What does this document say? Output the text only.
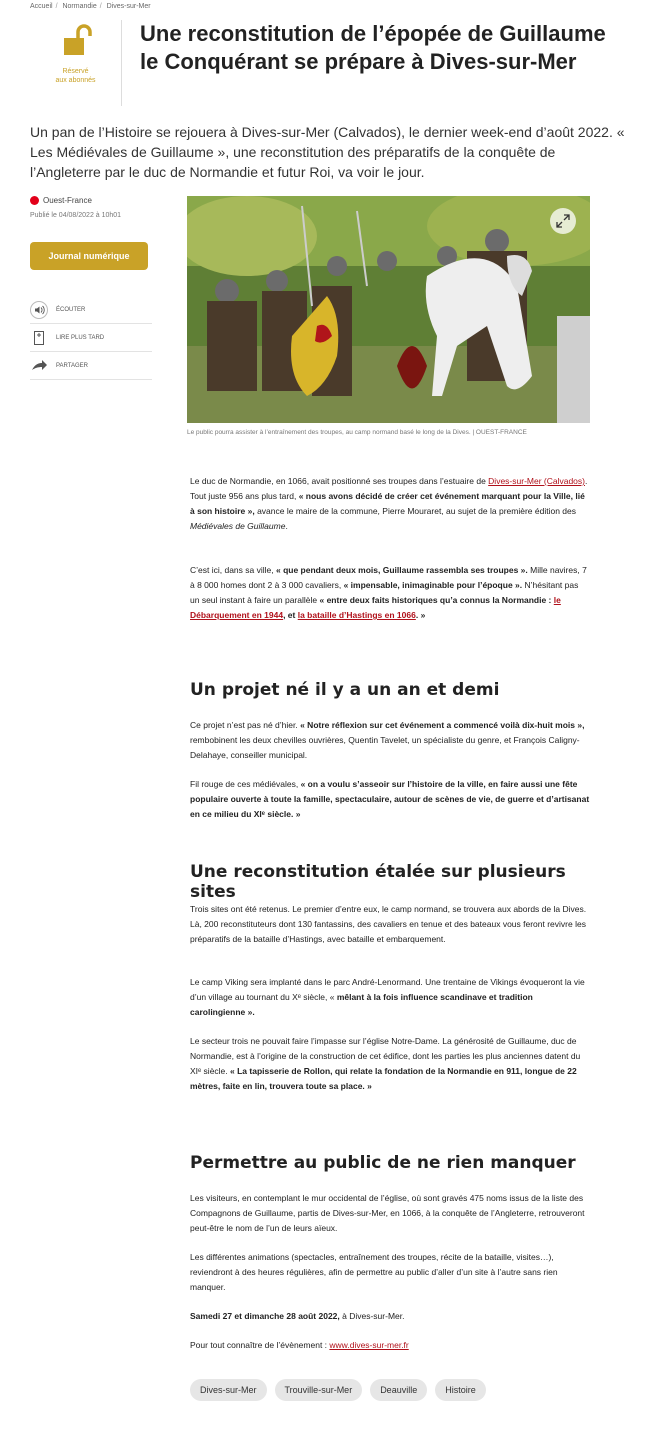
Accueil / Normandie / Dives-sur-Mer
Réservé
aux abonnés
Une reconstitution de l’épopée de Guillaume le Conquérant se prépare à Dives-sur-Mer

Un pan de l’Histoire se rejouera à Dives-sur-Mer (Calvados), le dernier week-end d’août 2022. « Les Médiévales de Guillaume », une reconstitution des préparatifs de la conquête de l’Angleterre par le duc de Normandie et futur Roi, va voir le jour.

Ouest-France
Publié le 04/08/2022 à 10h01
Journal numérique
ÉCOUTER
LIRE PLUS TARD
PARTAGER
Le public pourra assister à l’entraînement des troupes, au camp normand basé le long de la Dives. | OUEST-FRANCE

Le duc de Normandie, en 1066, avait positionné ses troupes dans l’estuaire de Dives-sur-Mer (Calvados). Tout juste 956 ans plus tard, « nous avons décidé de créer cet événement marquant pour la Ville, lié à son histoire », avance le maire de la commune, Pierre Mouraret, au sujet de la première édition des Médiévales de Guillaume.

C’est ici, dans sa ville, « que pendant deux mois, Guillaume rassembla ses troupes ». Mille navires, 7 à 8 000 homes dont 2 à 3 000 cavaliers, « impensable, inimaginable pour l’époque ». N’hésitant pas un seul instant à faire un parallèle « entre deux faits historiques qu’a connus la Normandie : le Débarquement en 1944, et la bataille d’Hastings en 1066. »

Un projet né il y a un an et demi

Ce projet n’est pas né d’hier. « Notre réflexion sur cet événement a commencé voilà dix-huit mois », rembobinent les deux chevilles ouvrières, Quentin Tavelet, un spécialiste du genre, et François Caligny-Delahaye, conseiller municipal.

Fil rouge de ces médiévales, « on a voulu s’asseoir sur l’histoire de la ville, en faire aussi une fête populaire ouverte à toute la famille, spectaculaire, autour de scènes de vie, de guerre et d’artisanat en ce milieu du XIᵉ siècle. »

Une reconstitution étalée sur plusieurs sites

Trois sites ont été retenus. Le premier d’entre eux, le camp normand, se trouvera aux abords de la Dives. Là, 200 reconstituteurs dont 130 fantassins, des cavaliers en tenue et des bateaux vous feront revivre les préparatifs de la bataille d’Hastings, avec bataille et embarquement.

Le camp Viking sera implanté dans le parc André-Lenormand. Une trentaine de Vikings évoqueront la vie d’un village au tournant du Xᵉ siècle, « mêlant à la fois influence scandinave et tradition carolingienne ».

Le secteur trois ne pouvait faire l’impasse sur l’église Notre-Dame. La générosité de Guillaume, duc de Normandie, est à l’origine de la construction de cet édifice, dont les parties les plus anciennes datent du XIᵉ siècle. « La tapisserie de Rollon, qui relate la fondation de la Normandie en 911, longue de 22 mètres, faite en lin, trouvera toute sa place. »

Permettre au public de ne rien manquer

Les visiteurs, en contemplant le mur occidental de l’église, où sont gravés 475 noms issus de la liste des Compagnons de Guillaume, partis de Dives-sur-Mer, en 1066, à la conquête de l’Angleterre, retrouveront peut-être le nom de l’un de leurs aïeux.

Les différentes animations (spectacles, entraînement des troupes, récite de la bataille, visites…), reviendront à des heures régulières, afin de permettre au public d’aller d’un site à l’autre sans rien manquer.

Samedi 27 et dimanche 28 août 2022, à Dives-sur-Mer.

Pour tout connaître de l’évènement : www.dives-sur-mer.fr

Dives-sur-Mer	Trouville-sur-Mer	Deauville	Histoire
